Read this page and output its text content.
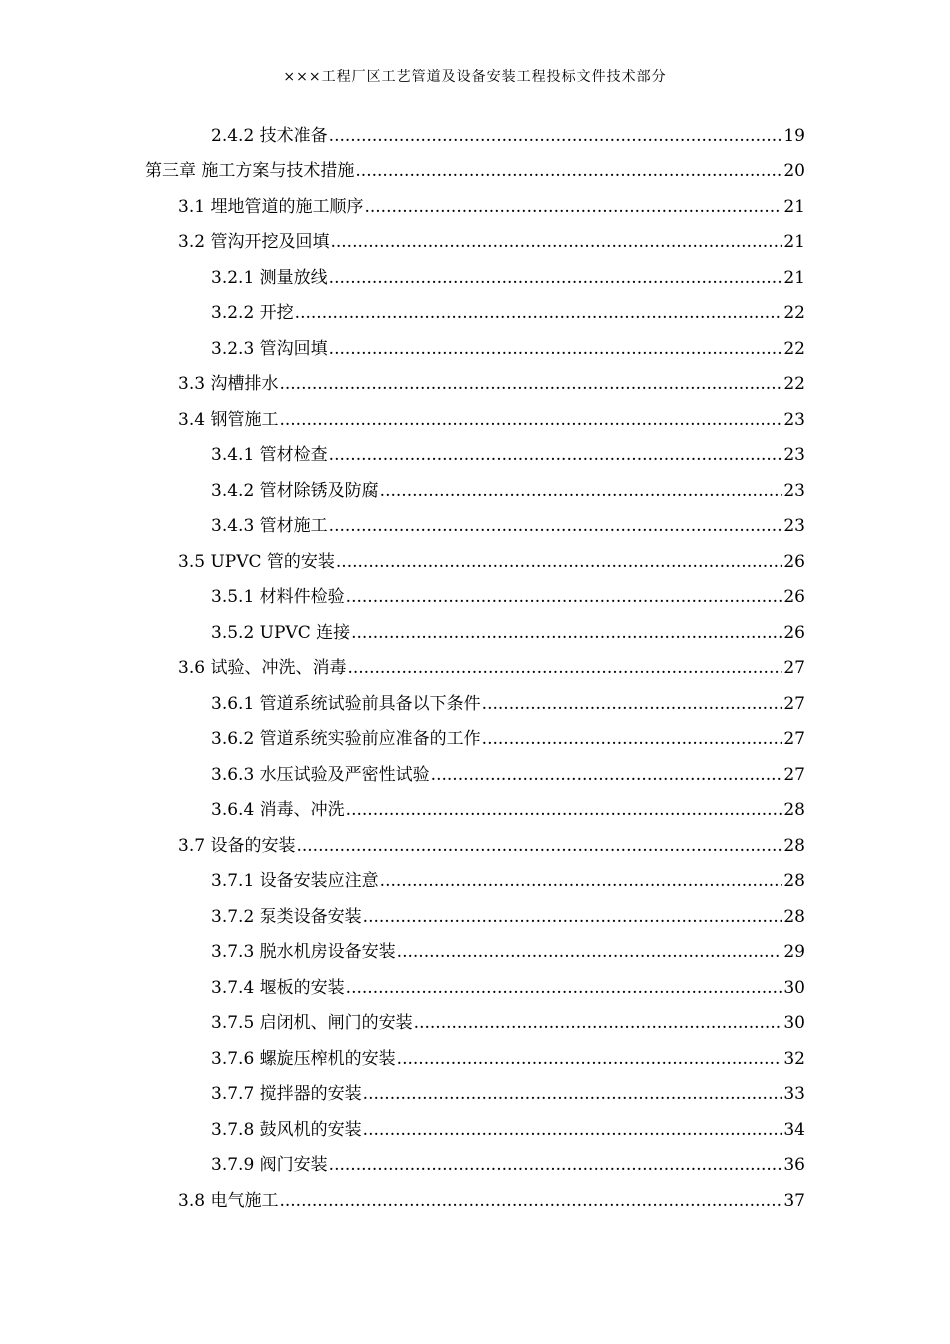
×××工程厂区工艺管道及设备安装工程投标文件技术部分
2.4.2 技术准备 .....	19
第三章 施工方案与技术措施 .....	20
3.1 埋地管道的施工顺序 .....	21
3.2 管沟开挖及回填 .....	21
3.2.1 测量放线 .....	21
3.2.2 开挖 .....	22
3.2.3 管沟回填 .....	22
3.3 沟槽排水 .....	22
3.4 钢管施工 .....	23
3.4.1 管材检查 .....	23
3.4.2 管材除锈及防腐 .....	23
3.4.3 管材施工 .....	23
3.5 UPVC 管的安装 .....	26
3.5.1 材料件检验 .....	26
3.5.2 UPVC 连接 .....	26
3.6 试验、冲洗、消毒 .....	27
3.6.1 管道系统试验前具备以下条件 .....	27
3.6.2 管道系统实验前应准备的工作 .....	27
3.6.3 水压试验及严密性试验 .....	27
3.6.4 消毒、冲洗 .....	28
3.7 设备的安装 .....	28
3.7.1 设备安装应注意 .....	28
3.7.2 泵类设备安装 .....	28
3.7.3 脱水机房设备安装 .....	29
3.7.4 堰板的安装 .....	30
3.7.5 启闭机、闸门的安装 .....	30
3.7.6 螺旋压榨机的安装 .....	32
3.7.7 搅拌器的安装 .....	33
3.7.8 鼓风机的安装 .....	34
3.7.9 阀门安装 .....	36
3.8 电气施工 .....	37
